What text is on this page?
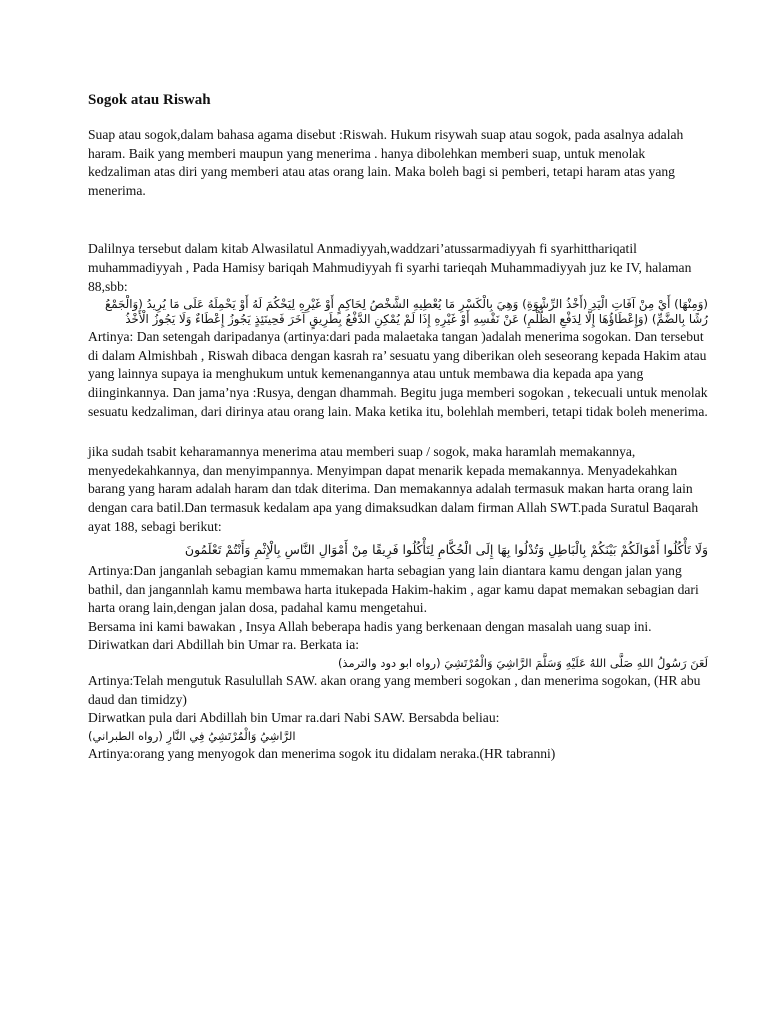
Sogok atau Riswah

Suap atau sogok,dalam bahasa agama disebut :Riswah. Hukum risywah suap atau sogok, pada asalnya adalah haram. Baik yang memberi maupun yang menerima . hanya dibolehkan memberi suap, untuk menolak kedzaliman atas diri yang memberi atau atas orang lain. Maka boleh bagi si pemberi, tetapi haram atas yang menerima.

Dalilnya tersebut dalam kitab Alwasilatul Anmadiyyah,waddzari’atussarmadiyyah fi syarhitthariqatil muhammadiyyah , Pada Hamisy bariqah Mahmudiyyah fi syarhi tarieqah Muhammadiyyah juz ke IV, halaman 88,sbb:

(وَمِنْهَا) أَيْ مِنْ آفَاتِ الْيَدِ (أَخْذُ الرِّشْوَةِ) وَهِيَ بِالْكَسْرِ مَا يُعْطِيهِ الشَّخْصُ لِحَاكِمٍ أَوْ غَيْرِهِ لِيَحْكُمَ لَهُ أَوْ يَحْمِلَهُ عَلَى مَا يُرِيدُ (وَالْجَمْعُ رُشًا بِالضَّمِّ) (وَإِعْطَاؤُهَا إِلَّا لِدَفْعِ الظُّلْمِ) عَنْ نَفْسِهِ أَوْ غَيْرِهِ إِذَا لَمْ يُمْكِنِ الدَّفْعُ بِطَرِيقٍ آخَرَ فَحِينَئِذٍ يَجُوزُ إِعْطَاءٌ وَلَا يَجُوزُ الْأَخْذُ

Artinya: Dan setengah daripadanya (artinya:dari pada malaetaka tangan )adalah menerima sogokan. Dan tersebut di dalam Almishbah , Riswah dibaca dengan kasrah ra’ sesuatu yang diberikan oleh seseorang kepada Hakim atau yang lainnya supaya ia menghukum untuk kemenangannya atau untuk membawa dia kepada apa yang diinginkannya. Dan jama’nya :Rusya, dengan dhammah. Begitu juga memberi sogokan , tekecuali untuk menolak sesuatu kedzaliman, dari dirinya atau orang lain. Maka ketika itu, bolehlah memberi, tetapi tidak boleh menerima.

jika sudah tsabit keharamannya menerima atau memberi suap / sogok, maka haramlah memakannya, menyedekahkannya, dan menyimpannya. Menyimpan dapat menarik kepada memakannya. Menyadekahkan barang yang haram adalah haram dan tdak diterima. Dan memakannya adalah termasuk makan harta orang lain dengan cara batil.Dan termasuk kedalam apa yang dimaksudkan dalam firman Allah SWT.pada Suratul Baqarah ayat 188, sebagi berikut:

وَلَا تَأْكُلُوا أَمْوَالَكُمْ بَيْنَكُمْ بِالْبَاطِلِ وَتُدْلُوا بِهَا إِلَى الْحُكَّامِ لِتَأْكُلُوا فَرِيقًا مِنْ أَمْوَالِ النَّاسِ بِالْإِثْمِ وَأَنْتُمْ تَعْلَمُونَ

Artinya:Dan janganlah sebagian kamu mmemakan harta sebagian yang lain diantara kamu dengan jalan yang bathil, dan jangannlah kamu membawa harta itukepada Hakim-hakim , agar kamu dapat memakan sebagian dari harta orang lain,dengan jalan dosa, padahal kamu mengetahui.

Bersama ini kami bawakan , Insya Allah beberapa hadis yang berkenaan dengan masalah uang suap ini. Diriwatkan dari Abdillah bin Umar ra. Berkata ia:

لَعَنَ رَسُولُ اللهِ صَلَّى اللهُ عَلَيْهِ وَسَلَّمَ الرَّاشِيَ وَالْمُرْتَشِيَ (رواه ابو دود والترمذ)

Artinya:Telah mengutuk Rasulullah SAW. akan orang yang memberi sogokan , dan menerima sogokan, (HR abu daud dan timidzy)

Dirwatkan pula dari Abdillah bin Umar ra.dari Nabi SAW. Bersabda beliau:

الرَّاشِيُ وَالْمُرْتَشِيُ فِي النَّارِ (رواه الطبراني)

Artinya:orang yang menyogok dan menerima sogok itu didalam neraka.(HR tabranni)
